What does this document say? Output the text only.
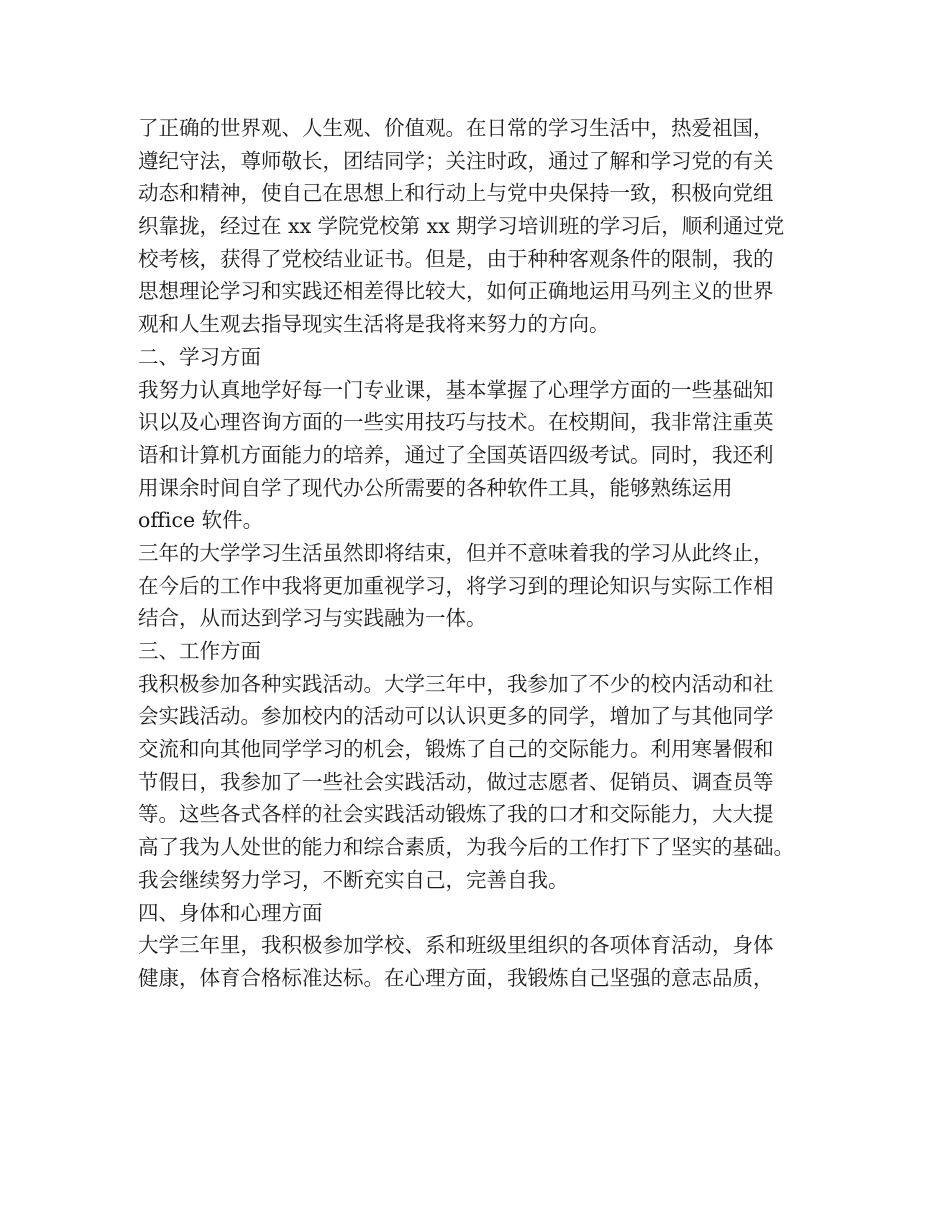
了正确的世界观、人生观、价值观。在日常的学习生活中，热爱祖国，
遵纪守法，尊师敬长，团结同学；关注时政，通过了解和学习党的有关
动态和精神，使自己在思想上和行动上与党中央保持一致，积极向党组
织靠拢，经过在 xx 学院党校第 xx 期学习培训班的学习后，顺利通过党
校考核，获得了党校结业证书。但是，由于种种客观条件的限制，我的
思想理论学习和实践还相差得比较大，如何正确地运用马列主义的世界
观和人生观去指导现实生活将是我将来努力的方向。
二、学习方面
我努力认真地学好每一门专业课，基本掌握了心理学方面的一些基础知
识以及心理咨询方面的一些实用技巧与技术。在校期间，我非常注重英
语和计算机方面能力的培养，通过了全国英语四级考试。同时，我还利
用课余时间自学了现代办公所需要的各种软件工具，能够熟练运用
office 软件。
三年的大学学习生活虽然即将结束，但并不意味着我的学习从此终止，
在今后的工作中我将更加重视学习，将学习到的理论知识与实际工作相
结合，从而达到学习与实践融为一体。
三、工作方面
我积极参加各种实践活动。大学三年中，我参加了不少的校内活动和社
会实践活动。参加校内的活动可以认识更多的同学，增加了与其他同学
交流和向其他同学学习的机会，锻炼了自己的交际能力。利用寒暑假和
节假日，我参加了一些社会实践活动，做过志愿者、促销员、调查员等
等。这些各式各样的社会实践活动锻炼了我的口才和交际能力，大大提
高了我为人处世的能力和综合素质，为我今后的工作打下了坚实的基础。
我会继续努力学习，不断充实自己，完善自我。
四、身体和心理方面
大学三年里，我积极参加学校、系和班级里组织的各项体育活动，身体
健康，体育合格标准达标。在心理方面，我锻炼自己坚强的意志品质，
